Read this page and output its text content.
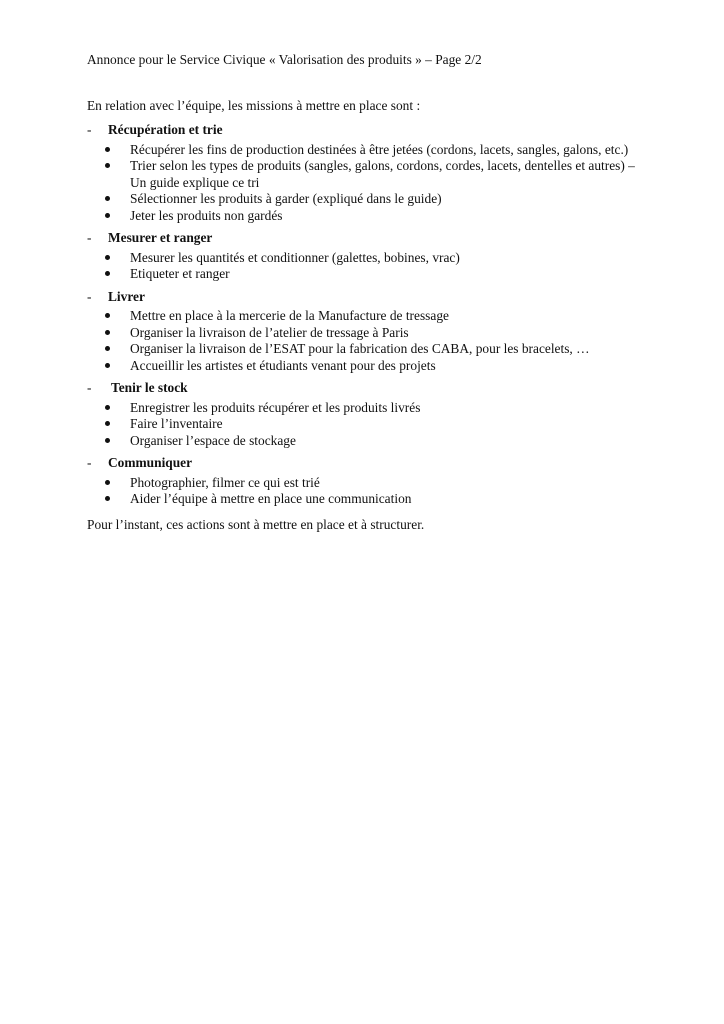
Annonce pour le Service Civique « Valorisation des produits » – Page 2/2
En relation avec l’équipe, les missions à mettre en place sont :
-	Récupération et trie
Récupérer les fins de production destinées à être jetées (cordons, lacets, sangles, galons, etc.)
Trier selon les types de produits (sangles, galons, cordons, cordes, lacets, dentelles et autres) – Un guide explique ce tri
Sélectionner les produits à garder (expliqué dans le guide)
Jeter les produits non gardés
-	Mesurer et ranger
Mesurer les quantités et conditionner (galettes, bobines, vrac)
Etiqueter et ranger
-	Livrer
Mettre en place à la mercerie de la Manufacture de tressage
Organiser la livraison de l’atelier de tressage à Paris
Organiser la livraison de l’ESAT pour la fabrication des CABA, pour les bracelets, …
Accueillir les artistes et étudiants venant pour des projets
-	Tenir le stock
Enregistrer les produits récupérer et les produits livrés
Faire l’inventaire
Organiser l’espace de stockage
-	Communiquer
Photographier, filmer ce qui est trié
Aider l’équipe à mettre en place une communication
Pour l’instant, ces actions sont à mettre en place et à structurer.
